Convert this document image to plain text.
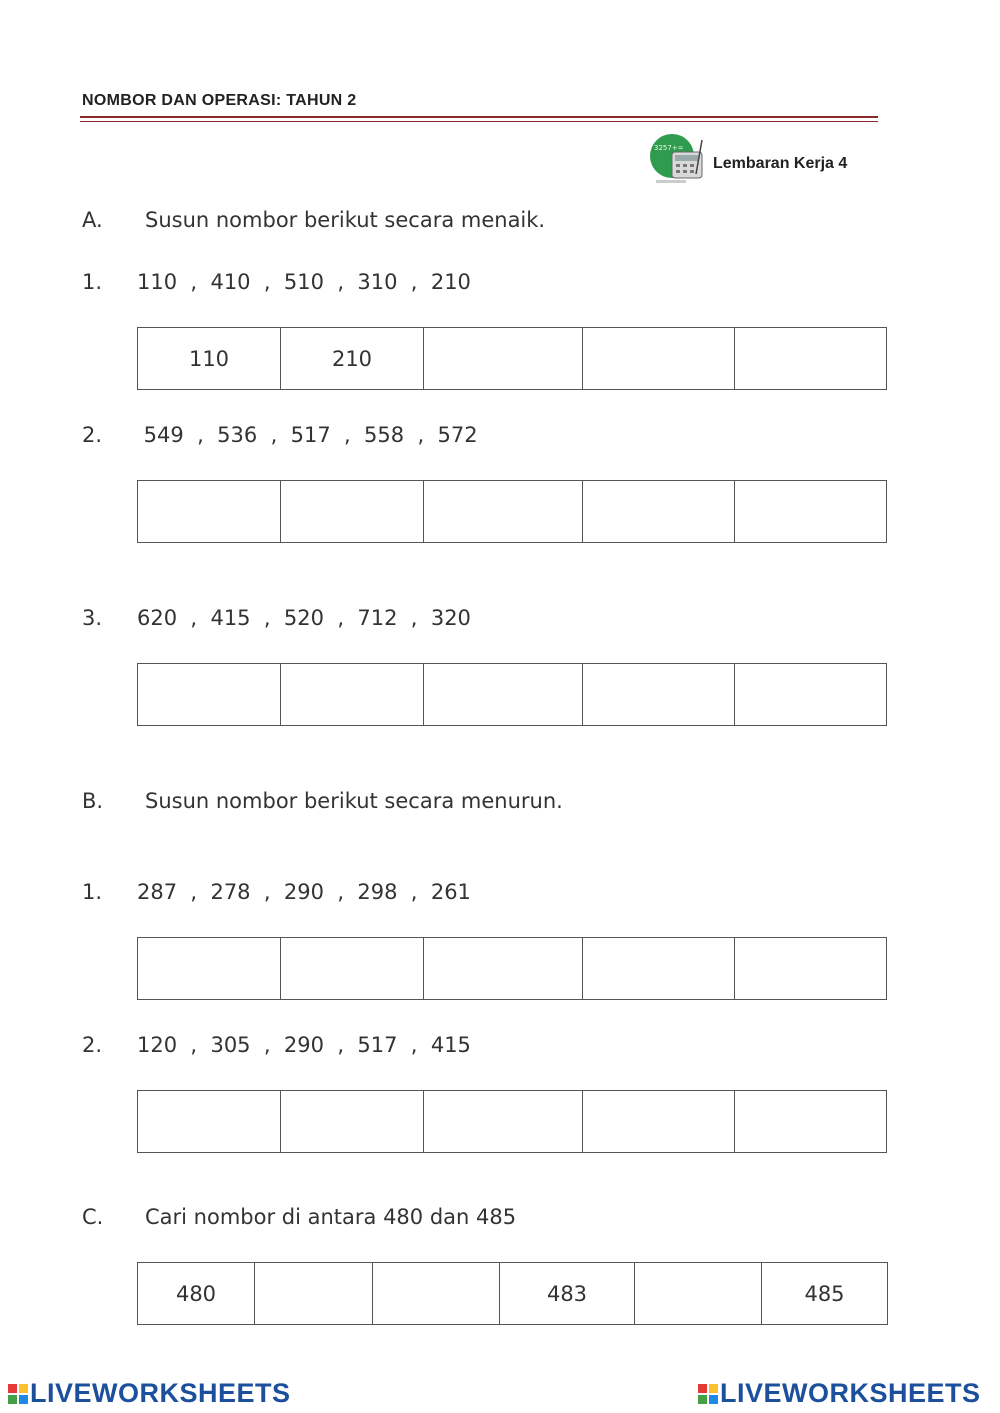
NOMBOR DAN OPERASI: TAHUN 2
3257+=
Lembaran Kerja 4
A. Susun nombor berikut secara menaik.
1. 110  ,  410  ,  510  ,  310  ,  210
110	210			
2. 549  ,  536  ,  517  ,  558  ,  572

3. 620  ,  415  ,  520  ,  712  ,  320

B. Susun nombor berikut secara menurun.
1. 287  ,  278  ,  290  ,  298  ,  261

2. 120  ,  305  ,  290  ,  517  ,  415

C. Cari nombor di antara 480 dan 485
480			483		485
LIVEWORKSHEETS	LIVEWORKSHEETS
